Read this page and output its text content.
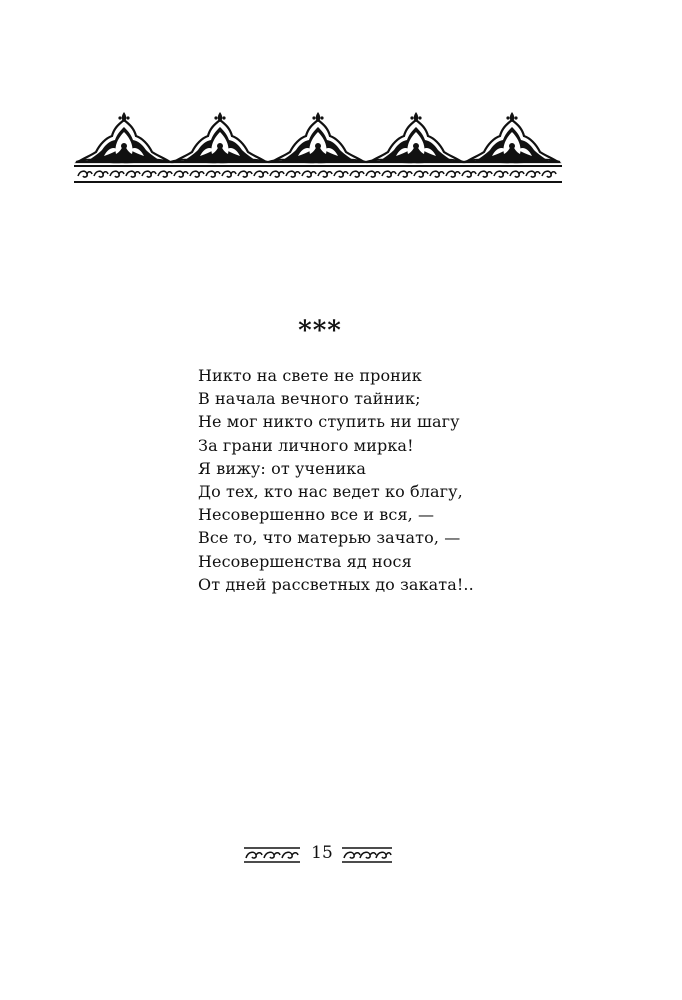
***
Никто на свете не проник
В начала вечного тайник;
Не мог никто ступить ни шагу
За грани личного мирка!
Я вижу: от ученика
До тех, кто нас ведет ко благу,
Несовершенно все и вся, —
Все то, что матерью зачато, —
Несовершенства яд нося
От дней рассветных до заката!..
15
